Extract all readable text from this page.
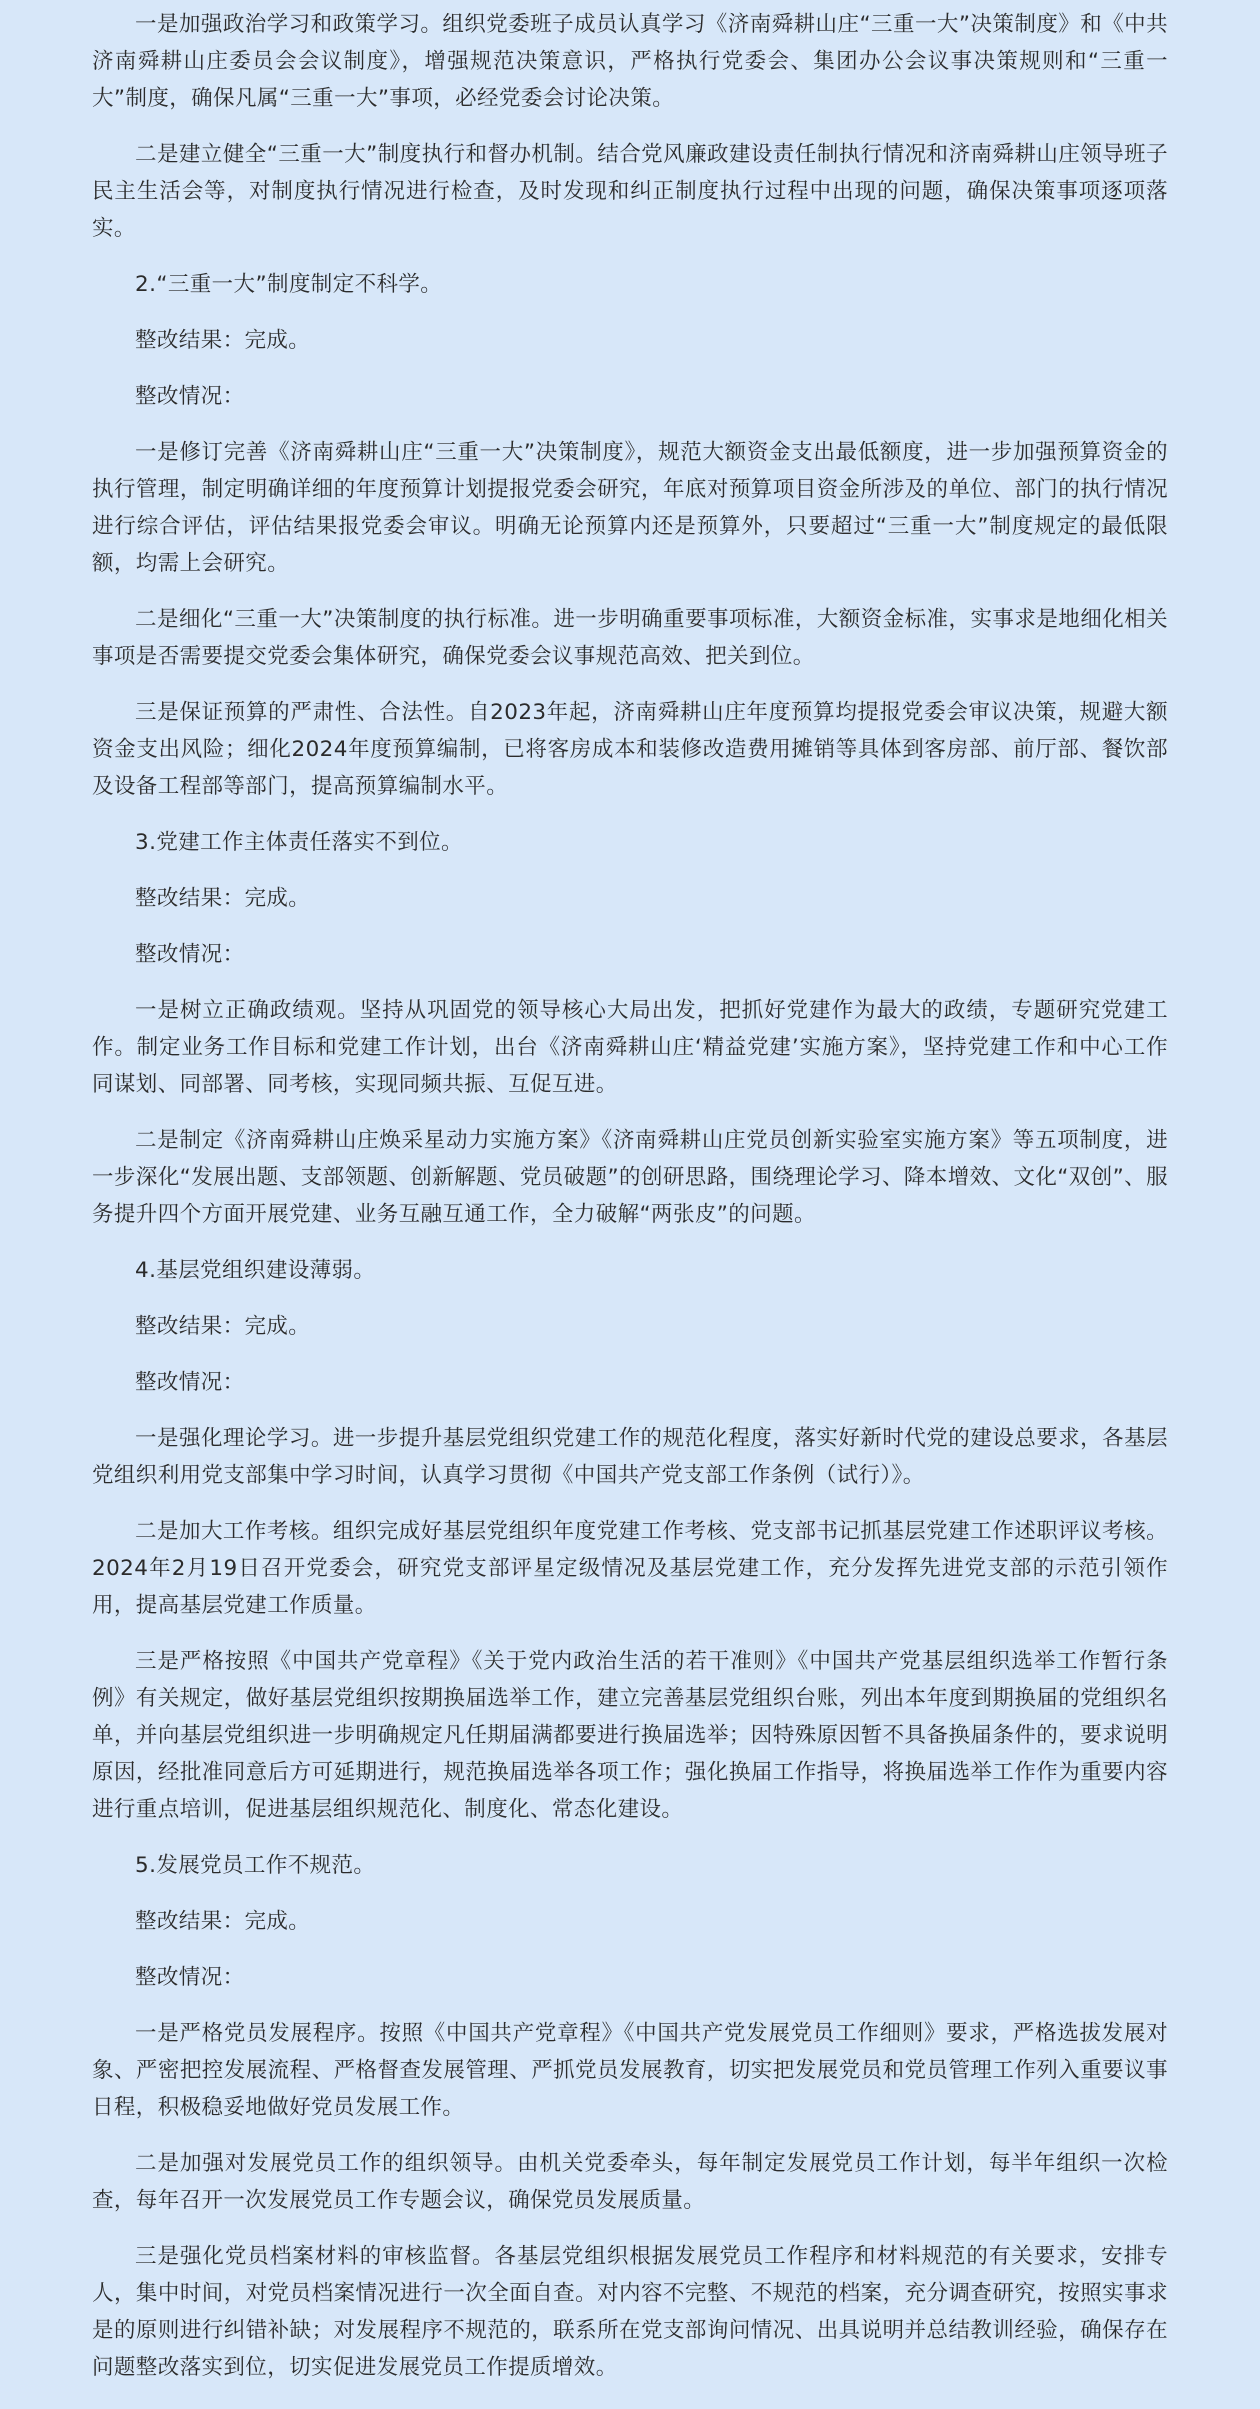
一是加强政治学习和政策学习。组织党委班子成员认真学习《济南舜耕山庄“三重一大”决策制度》和《中共济南舜耕山庄委员会会议制度》，增强规范决策意识，严格执行党委会、集团办公会议事决策规则和“三重一大”制度，确保凡属“三重一大”事项，必经党委会讨论决策。

二是建立健全“三重一大”制度执行和督办机制。结合党风廉政建设责任制执行情况和济南舜耕山庄领导班子民主生活会等，对制度执行情况进行检查，及时发现和纠正制度执行过程中出现的问题，确保决策事项逐项落实。

2.“三重一大”制度制定不科学。

整改结果：完成。

整改情况：

一是修订完善《济南舜耕山庄“三重一大”决策制度》，规范大额资金支出最低额度，进一步加强预算资金的执行管理，制定明确详细的年度预算计划提报党委会研究，年底对预算项目资金所涉及的单位、部门的执行情况进行综合评估，评估结果报党委会审议。明确无论预算内还是预算外，只要超过“三重一大”制度规定的最低限额，均需上会研究。

二是细化“三重一大”决策制度的执行标准。进一步明确重要事项标准，大额资金标准，实事求是地细化相关事项是否需要提交党委会集体研究，确保党委会议事规范高效、把关到位。

三是保证预算的严肃性、合法性。自2023年起，济南舜耕山庄年度预算均提报党委会审议决策，规避大额资金支出风险；细化2024年度预算编制，已将客房成本和装修改造费用摊销等具体到客房部、前厅部、餐饮部及设备工程部等部门，提高预算编制水平。

3.党建工作主体责任落实不到位。

整改结果：完成。

整改情况：

一是树立正确政绩观。坚持从巩固党的领导核心大局出发，把抓好党建作为最大的政绩，专题研究党建工作。制定业务工作目标和党建工作计划，出台《济南舜耕山庄‘精益党建’实施方案》，坚持党建工作和中心工作同谋划、同部署、同考核，实现同频共振、互促互进。

二是制定《济南舜耕山庄焕采星动力实施方案》《济南舜耕山庄党员创新实验室实施方案》等五项制度，进一步深化“发展出题、支部领题、创新解题、党员破题”的创研思路，围绕理论学习、降本增效、文化“双创”、服务提升四个方面开展党建、业务互融互通工作，全力破解“两张皮”的问题。

4.基层党组织建设薄弱。

整改结果：完成。

整改情况：

一是强化理论学习。进一步提升基层党组织党建工作的规范化程度，落实好新时代党的建设总要求，各基层党组织利用党支部集中学习时间，认真学习贯彻《中国共产党支部工作条例（试行）》。

二是加大工作考核。组织完成好基层党组织年度党建工作考核、党支部书记抓基层党建工作述职评议考核。2024年2月19日召开党委会，研究党支部评星定级情况及基层党建工作，充分发挥先进党支部的示范引领作用，提高基层党建工作质量。

三是严格按照《中国共产党章程》《关于党内政治生活的若干准则》《中国共产党基层组织选举工作暂行条例》有关规定，做好基层党组织按期换届选举工作，建立完善基层党组织台账，列出本年度到期换届的党组织名单，并向基层党组织进一步明确规定凡任期届满都要进行换届选举；因特殊原因暂不具备换届条件的，要求说明原因，经批准同意后方可延期进行，规范换届选举各项工作；强化换届工作指导，将换届选举工作作为重要内容进行重点培训，促进基层组织规范化、制度化、常态化建设。

5.发展党员工作不规范。

整改结果：完成。

整改情况：

一是严格党员发展程序。按照《中国共产党章程》《中国共产党发展党员工作细则》要求，严格选拔发展对象、严密把控发展流程、严格督查发展管理、严抓党员发展教育，切实把发展党员和党员管理工作列入重要议事日程，积极稳妥地做好党员发展工作。

二是加强对发展党员工作的组织领导。由机关党委牵头，每年制定发展党员工作计划，每半年组织一次检查，每年召开一次发展党员工作专题会议，确保党员发展质量。

三是强化党员档案材料的审核监督。各基层党组织根据发展党员工作程序和材料规范的有关要求，安排专人，集中时间，对党员档案情况进行一次全面自查。对内容不完整、不规范的档案，充分调查研究，按照实事求是的原则进行纠错补缺；对发展程序不规范的，联系所在党支部询问情况、出具说明并总结教训经验，确保存在问题整改落实到位，切实促进发展党员工作提质增效。
